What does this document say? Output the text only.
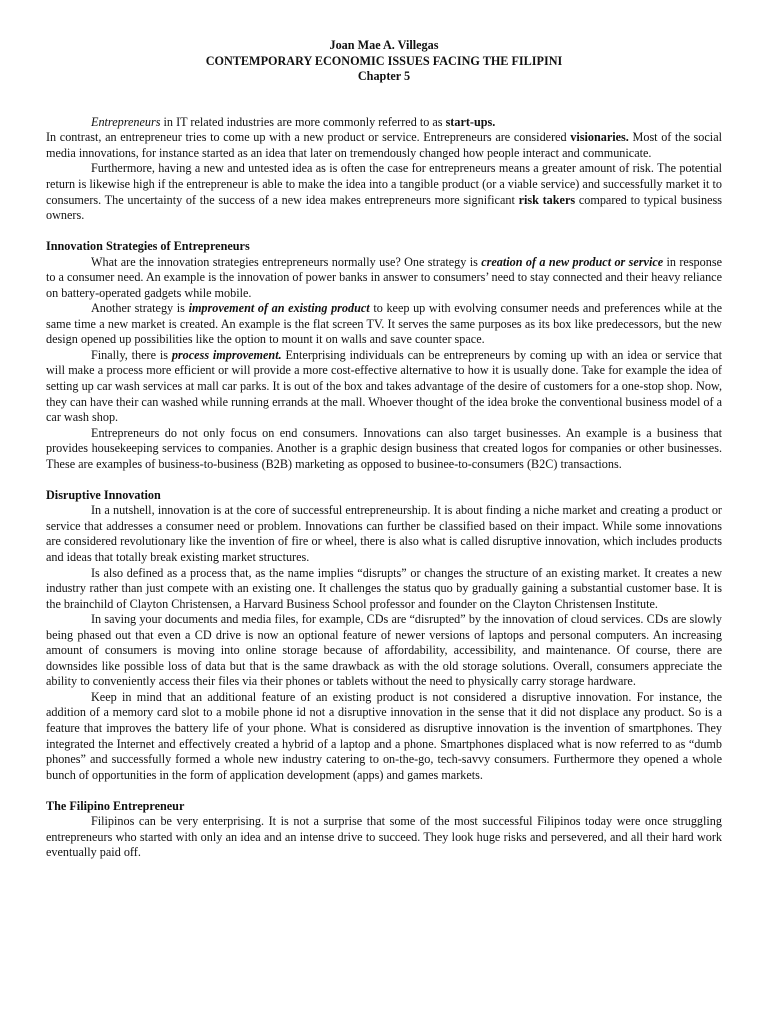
Joan Mae A. Villegas
CONTEMPORARY ECONOMIC ISSUES FACING THE FILIPINI
Chapter 5

Entrepreneurs in IT related industries are more commonly referred to as start-ups.

In contrast, an entrepreneur tries to come up with a new product or service. Entrepreneurs are considered visionaries. Most of the social media innovations, for instance started as an idea that later on tremendously changed how people interact and communicate.

Furthermore, having a new and untested idea as is often the case for entrepreneurs means a greater amount of risk. The potential return is likewise high if the entrepreneur is able to make the idea into a tangible product (or a viable service) and successfully market it to consumers. The uncertainty of the success of a new idea makes entrepreneurs more significant risk takers compared to typical business owners.

Innovation Strategies of Entrepreneurs

What are the innovation strategies entrepreneurs normally use? One strategy is creation of a new product or service in response to a consumer need. An example is the innovation of power banks in answer to consumers’ need to stay connected and their heavy reliance on battery-operated gadgets while mobile.

Another strategy is improvement of an existing product to keep up with evolving consumer needs and preferences while at the same time a new market is created. An example is the flat screen TV. It serves the same purposes as its box like predecessors, but the new design opened up possibilities like the option to mount it on walls and save counter space.

Finally, there is process improvement. Enterprising individuals can be entrepreneurs by coming up with an idea or service that will make a process more efficient or will provide a more cost-effective alternative to how it is usually done. Take for example the idea of setting up car wash services at mall car parks. It is out of the box and takes advantage of the desire of customers for a one-stop shop. Now, they can have their can washed while running errands at the mall. Whoever thought of the idea broke the conventional business model of a car wash shop.

Entrepreneurs do not only focus on end consumers. Innovations can also target businesses. An example is a business that provides housekeeping services to companies. Another is a graphic design business that created logos for companies or other businesses. These are examples of business-to-business (B2B) marketing as opposed to businee-to-consumers (B2C) transactions.

Disruptive Innovation

In a nutshell, innovation is at the core of successful entrepreneurship. It is about finding a niche market and creating a product or service that addresses a consumer need or problem. Innovations can further be classified based on their impact. While some innovations are considered revolutionary like the invention of fire or wheel, there is also what is called disruptive innovation, which includes products and ideas that totally break existing market structures.

Is also defined as a process that, as the name implies “disrupts” or changes the structure of an existing market. It creates a new industry rather than just compete with an existing one. It challenges the status quo by gradually gaining a substantial customer base. It is the brainchild of Clayton Christensen, a Harvard Business School professor and founder on the Clayton Christensen Institute.

In saving your documents and media files, for example, CDs are “disrupted” by the innovation of cloud services. CDs are slowly being phased out that even a CD drive is now an optional feature of newer versions of laptops and personal computers. An increasing amount of consumers is moving into online storage because of affordability, accessibility, and maintenance. Of course, there are downsides like possible loss of data but that is the same drawback as with the old storage solutions. Overall, consumers appreciate the ability to conveniently access their files via their phones or tablets without the need to physically carry storage hardware.

Keep in mind that an additional feature of an existing product is not considered a disruptive innovation. For instance, the addition of a memory card slot to a mobile phone id not a disruptive innovation in the sense that it did not displace any product. So is a feature that improves the battery life of your phone. What is considered as disruptive innovation is the invention of smartphones. They integrated the Internet and effectively created a hybrid of a laptop and a phone. Smartphones displaced what is now referred to as “dumb phones” and successfully formed a whole new industry catering to on-the-go, tech-savvy consumers. Furthermore they opened a whole bunch of opportunities in the form of application development (apps) and games markets.

The Filipino Entrepreneur

Filipinos can be very enterprising. It is not a surprise that some of the most successful Filipinos today were once struggling entrepreneurs who started with only an idea and an intense drive to succeed. They look huge risks and persevered, and all their hard work eventually paid off.
